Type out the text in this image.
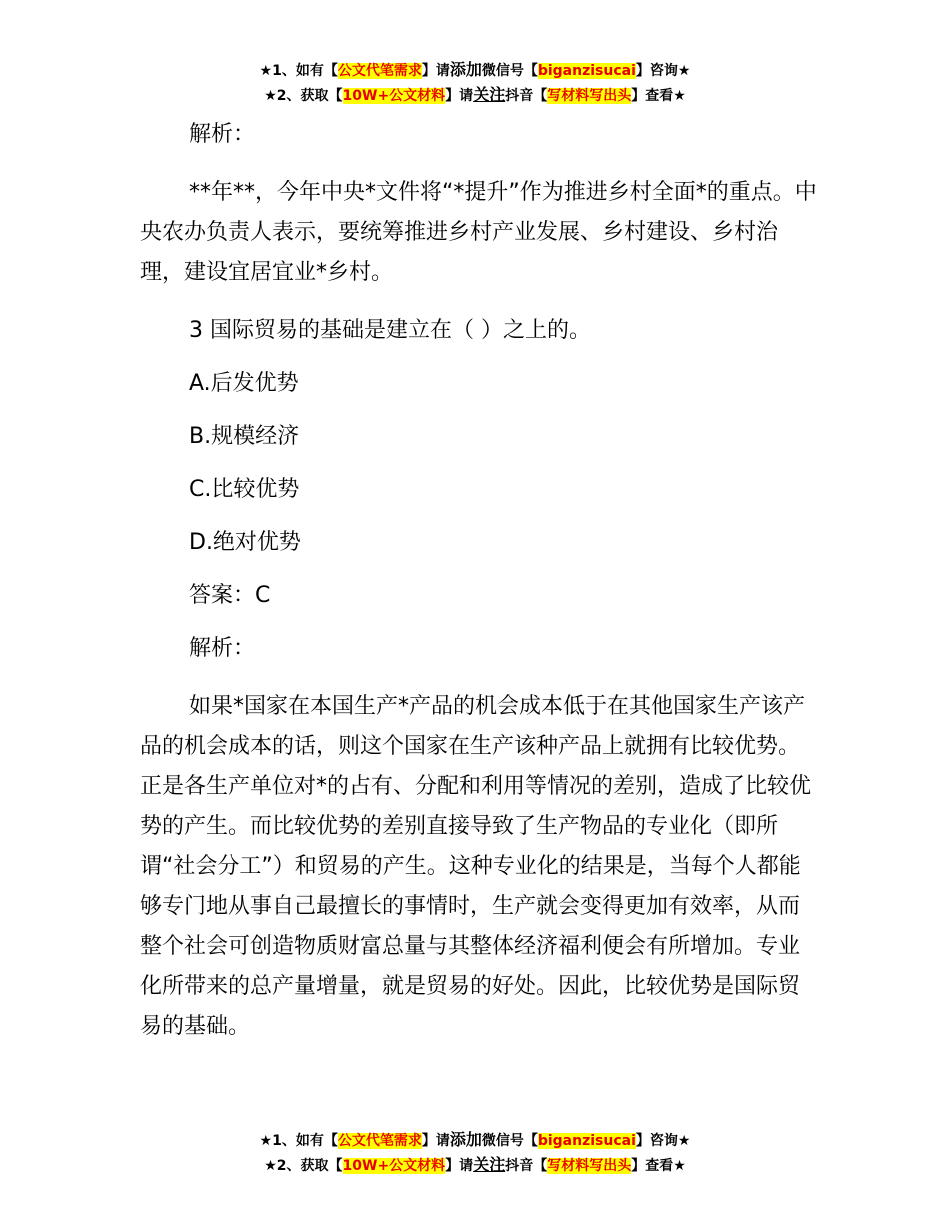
★1、如有【公文代笔需求】请添加微信号【biganzisucai】咨询★
★2、获取【10W+公文材料】请关注抖音【写材料写出头】查看★

解析：

**年**，今年中央*文件将“*提升”作为推进乡村全面*的重点。中央农办负责人表示，要统筹推进乡村产业发展、乡村建设、乡村治理，建设宜居宜业*乡村。

3 国际贸易的基础是建立在（ ）之上的。

A.后发优势

B.规模经济

C.比较优势

D.绝对优势

答案：C

解析：

如果*国家在本国生产*产品的机会成本低于在其他国家生产该产品的机会成本的话，则这个国家在生产该种产品上就拥有比较优势。正是各生产单位对*的占有、分配和利用等情况的差别，造成了比较优势的产生。而比较优势的差别直接导致了生产物品的专业化（即所谓“社会分工”）和贸易的产生。这种专业化的结果是，当每个人都能够专门地从事自己最擅长的事情时，生产就会变得更加有效率，从而整个社会可创造物质财富总量与其整体经济福利便会有所增加。专业化所带来的总产量增量，就是贸易的好处。因此，比较优势是国际贸易的基础。

★1、如有【公文代笔需求】请添加微信号【biganzisucai】咨询★
★2、获取【10W+公文材料】请关注抖音【写材料写出头】查看★
